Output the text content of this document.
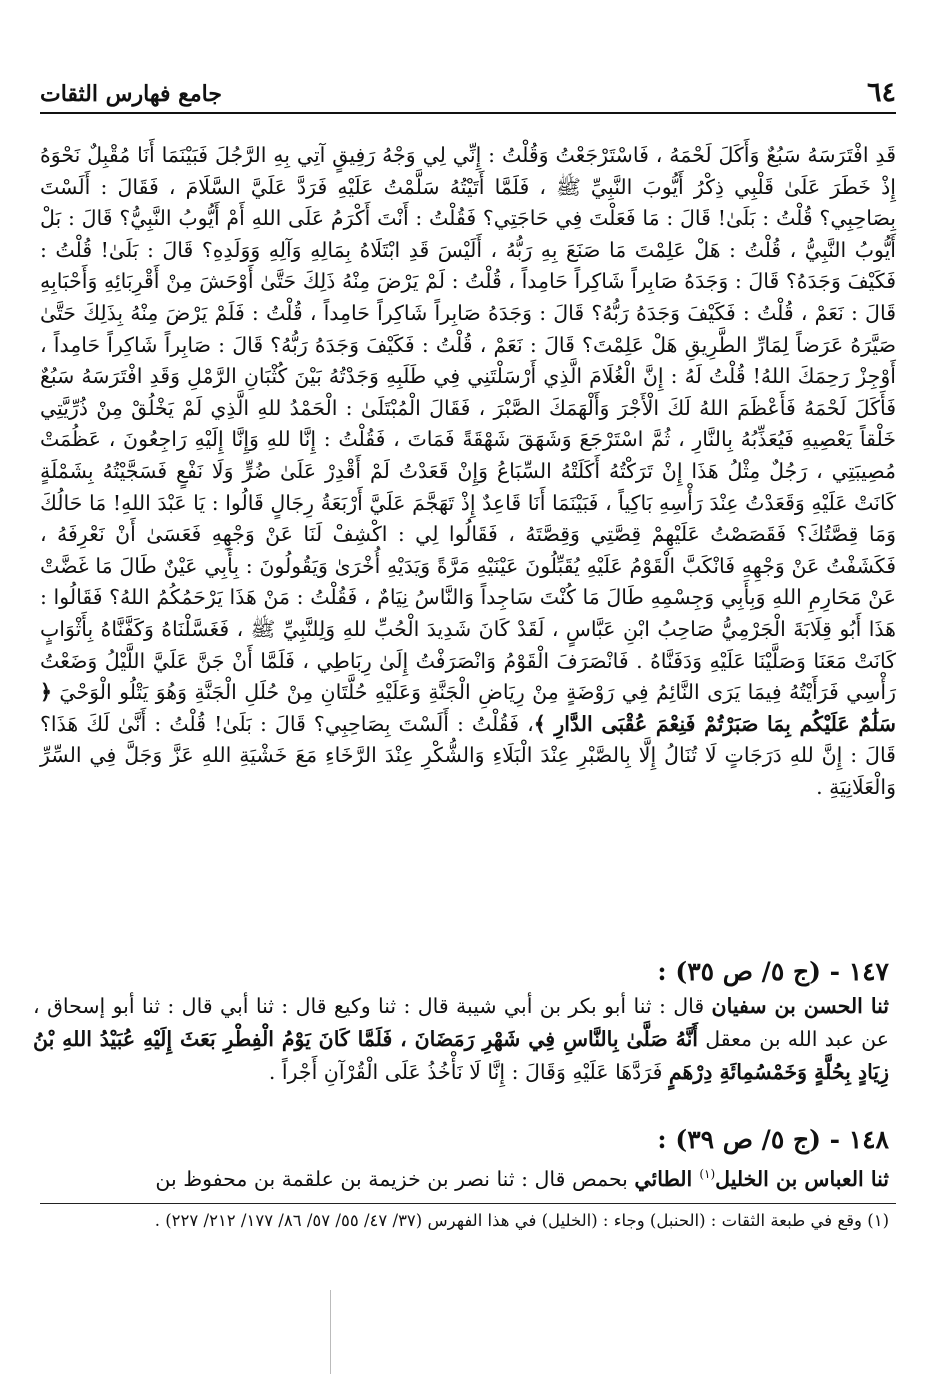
٦٤
جامع فهارس الثقات

قَدِ افْتَرَسَهُ سَبُعٌ وَأَكَلَ لَحْمَهُ ، فَاسْتَرْجَعْتُ وَقُلْتُ : إِنِّي لِي وَجْهُ رَفِيقٍ آتِي بِهِ الرَّجُلَ فَبَيْنَمَا أَنَا مُقْبِلٌ نَحْوَهُ إِذْ خَطَرَ عَلَىٰ قَلْبِي ذِكْرُ أَيُّوبَ النَّبِيِّ ﷺ ، فَلَمَّا أَتَيْتُهُ سَلَّمْتُ عَلَيْهِ فَرَدَّ عَلَيَّ السَّلَامَ ، فَقَالَ : أَلَسْتَ بِصَاحِبِي؟ قُلْتُ : بَلَىٰ! قَالَ : مَا فَعَلْتَ فِي حَاجَتِي؟ فَقُلْتُ : أَنْتَ أَكْرَمُ عَلَى اللهِ أَمْ أَيُّوبُ النَّبِيُّ؟ قَالَ : بَلْ أَيُّوبُ النَّبِيُّ ، قُلْتُ : هَلْ عَلِمْتَ مَا صَنَعَ بِهِ رَبُّهُ ، أَلَيْسَ قَدِ ابْتَلَاهُ بِمَالِهِ وَآلِهِ وَوَلَدِهِ؟ قَالَ : بَلَىٰ! قُلْتُ : فَكَيْفَ وَجَدَهُ؟ قَالَ : وَجَدَهُ صَابِراً شَاكِراً حَامِداً ، قُلْتُ : لَمْ يَرْضَ مِنْهُ ذَلِكَ حَتَّىٰ أَوْحَشَ مِنْ أَقْرِبَائِهِ وَأَحْبَابِهِ قَالَ : نَعَمْ ، قُلْتُ : فَكَيْفَ وَجَدَهُ رَبُّهُ؟ قَالَ : وَجَدَهُ صَابِراً شَاكِراً حَامِداً ، قُلْتُ : فَلَمْ يَرْضَ مِنْهُ بِذَلِكَ حَتَّىٰ صَيَّرَهُ عَرَضاً لِمَارِّ الطَّرِيقِ هَلْ عَلِمْتَ؟ قَالَ : نَعَمْ ، قُلْتُ : فَكَيْفَ وَجَدَهُ رَبُّهُ؟ قَالَ : صَابِراً شَاكِراً حَامِداً ، أَوْجِزْ رَحِمَكَ اللهُ! قُلْتُ لَهُ : إِنَّ الْغُلَامَ الَّذِي أَرْسَلْتَنِي فِي طَلَبِهِ وَجَدْتُهُ بَيْنَ كُثْبَانِ الرَّمْلِ وَقَدِ افْتَرَسَهُ سَبُعٌ فَأَكَلَ لَحْمَهُ فَأَعْظَمَ اللهُ لَكَ الْأَجْرَ وَأَلْهَمَكَ الصَّبْرَ ، فَقَالَ الْمُبْتَلَىٰ : الْحَمْدُ للهِ الَّذِي لَمْ يَخْلُقْ مِنْ ذُرِّيَّتِي خَلْقاً يَعْصِيهِ فَيُعَذِّبُهُ بِالنَّارِ ، ثُمَّ اسْتَرْجَعَ وَشَهَقَ شَهْقَةً فَمَاتَ ، فَقُلْتُ : إِنَّا للهِ وَإِنَّا إِلَيْهِ رَاجِعُونَ ، عَظُمَتْ مُصِيبَتِي ، رَجُلٌ مِثْلُ هَذَا إِنْ تَرَكْتُهُ أَكَلَتْهُ السِّبَاعُ وَإِنْ قَعَدْتُ لَمْ أَقْدِرْ عَلَىٰ ضُرٍّ وَلَا نَفْعٍ فَسَجَّيْتُهُ بِشَمْلَةٍ كَانَتْ عَلَيْهِ وَقَعَدْتُ عِنْدَ رَأْسِهِ بَاكِياً ، فَبَيْنَمَا أَنَا قَاعِدٌ إِذْ تَهَجَّمَ عَلَيَّ أَرْبَعَةُ رِجَالٍ قَالُوا : يَا عَبْدَ اللهِ! مَا حَالُكَ وَمَا قِصَّتُكَ؟ فَقَصَصْتُ عَلَيْهِمْ قِصَّتِي وَقِصَّتَهُ ، فَقَالُوا لِي : اكْشِفْ لَنَا عَنْ وَجْهِهِ فَعَسَىٰ أَنْ نَعْرِفَهُ ، فَكَشَفْتُ عَنْ وَجْهِهِ فَانْكَبَّ الْقَوْمُ عَلَيْهِ يُقَبِّلُونَ عَيْنَيْهِ مَرَّةً وَيَدَيْهِ أُخْرَىٰ وَيَقُولُونَ : بِأَبِي عَيْنٌ طَالَ مَا غَضَّتْ عَنْ مَحَارِمِ اللهِ وَبِأَبِي وَجِسْمِهِ طَالَ مَا كُنْتَ سَاجِداً وَالنَّاسُ نِيَامٌ ، فَقُلْتُ : مَنْ هَذَا يَرْحَمُكُمُ اللهُ؟ فَقَالُوا : هَذَا أَبُو قِلَابَةَ الْجَرْمِيُّ صَاحِبُ ابْنِ عَبَّاسٍ ، لَقَدْ كَانَ شَدِيدَ الْحُبِّ للهِ وَلِلنَّبِيِّ ﷺ ، فَغَسَّلْنَاهُ وَكَفَّنَّاهُ بِأَثْوَابٍ كَانَتْ مَعَنَا وَصَلَّيْنَا عَلَيْهِ وَدَفَنَّاهُ . فَانْصَرَفَ الْقَوْمُ وَانْصَرَفْتُ إِلَىٰ رِبَاطِي ، فَلَمَّا أَنْ جَنَّ عَلَيَّ اللَّيْلُ وَضَعْتُ رَأْسِي فَرَأَيْتُهُ فِيمَا يَرَى النَّائِمُ فِي رَوْضَةٍ مِنْ رِيَاضِ الْجَنَّةِ وَعَلَيْهِ حُلَّتَانِ مِنْ حُلَلِ الْجَنَّةِ وَهُوَ يَتْلُو الْوَحْيَ ﴿ سَلَٰمٌ عَلَيْكُم بِمَا صَبَرْتُمْ فَنِعْمَ عُقْبَى الدَّارِ ﴾، فَقُلْتُ : أَلَسْتَ بِصَاحِبِي؟ قَالَ : بَلَىٰ! قُلْتُ : أَنَّىٰ لَكَ هَذَا؟ قَالَ : إِنَّ للهِ دَرَجَاتٍ لَا تُنَالُ إِلَّا بِالصَّبْرِ عِنْدَ الْبَلَاءِ وَالشُّكْرِ عِنْدَ الرَّخَاءِ مَعَ خَشْيَةِ اللهِ عَزَّ وَجَلَّ فِي السِّرِّ وَالْعَلَانِيَةِ .

١٤٧ - (ج ٥/ ص ٣٥) :
ثنا الحسن بن سفيان قال : ثنا أبو بكر بن أبي شيبة قال : ثنا وكيع قال : ثنا أبي قال : ثنا أبو إسحاق ، عن عبد الله بن معقل أَنَّهُ صَلَّىٰ بِالنَّاسِ فِي شَهْرِ رَمَضَانَ ، فَلَمَّا كَانَ يَوْمُ الْفِطْرِ بَعَثَ إِلَيْهِ عُبَيْدُ اللهِ بْنُ زِيَادٍ بِحُلَّةٍ وَخَمْسُمِائَةِ دِرْهَمٍ فَرَدَّهَا عَلَيْهِ وَقَالَ : إِنَّا لَا نَأْخُذُ عَلَى الْقُرْآنِ أَجْراً .
١٤٨ - (ج ٥/ ص ٣٩) :
ثنا العباس بن الخليل$^{(١)}$ الطائي بحمص قال : ثنا نصر بن خزيمة بن علقمة بن محفوظ بن
(١) وقع في طبعة الثقات : (الحنبل) وجاء : (الخليل) في هذا الفهرس (٣٧/ ٤٧/ ٥٥/ ٥٧/ ٨٦/ ١٧٧/ ٢١٢/ ٢٢٧) .
